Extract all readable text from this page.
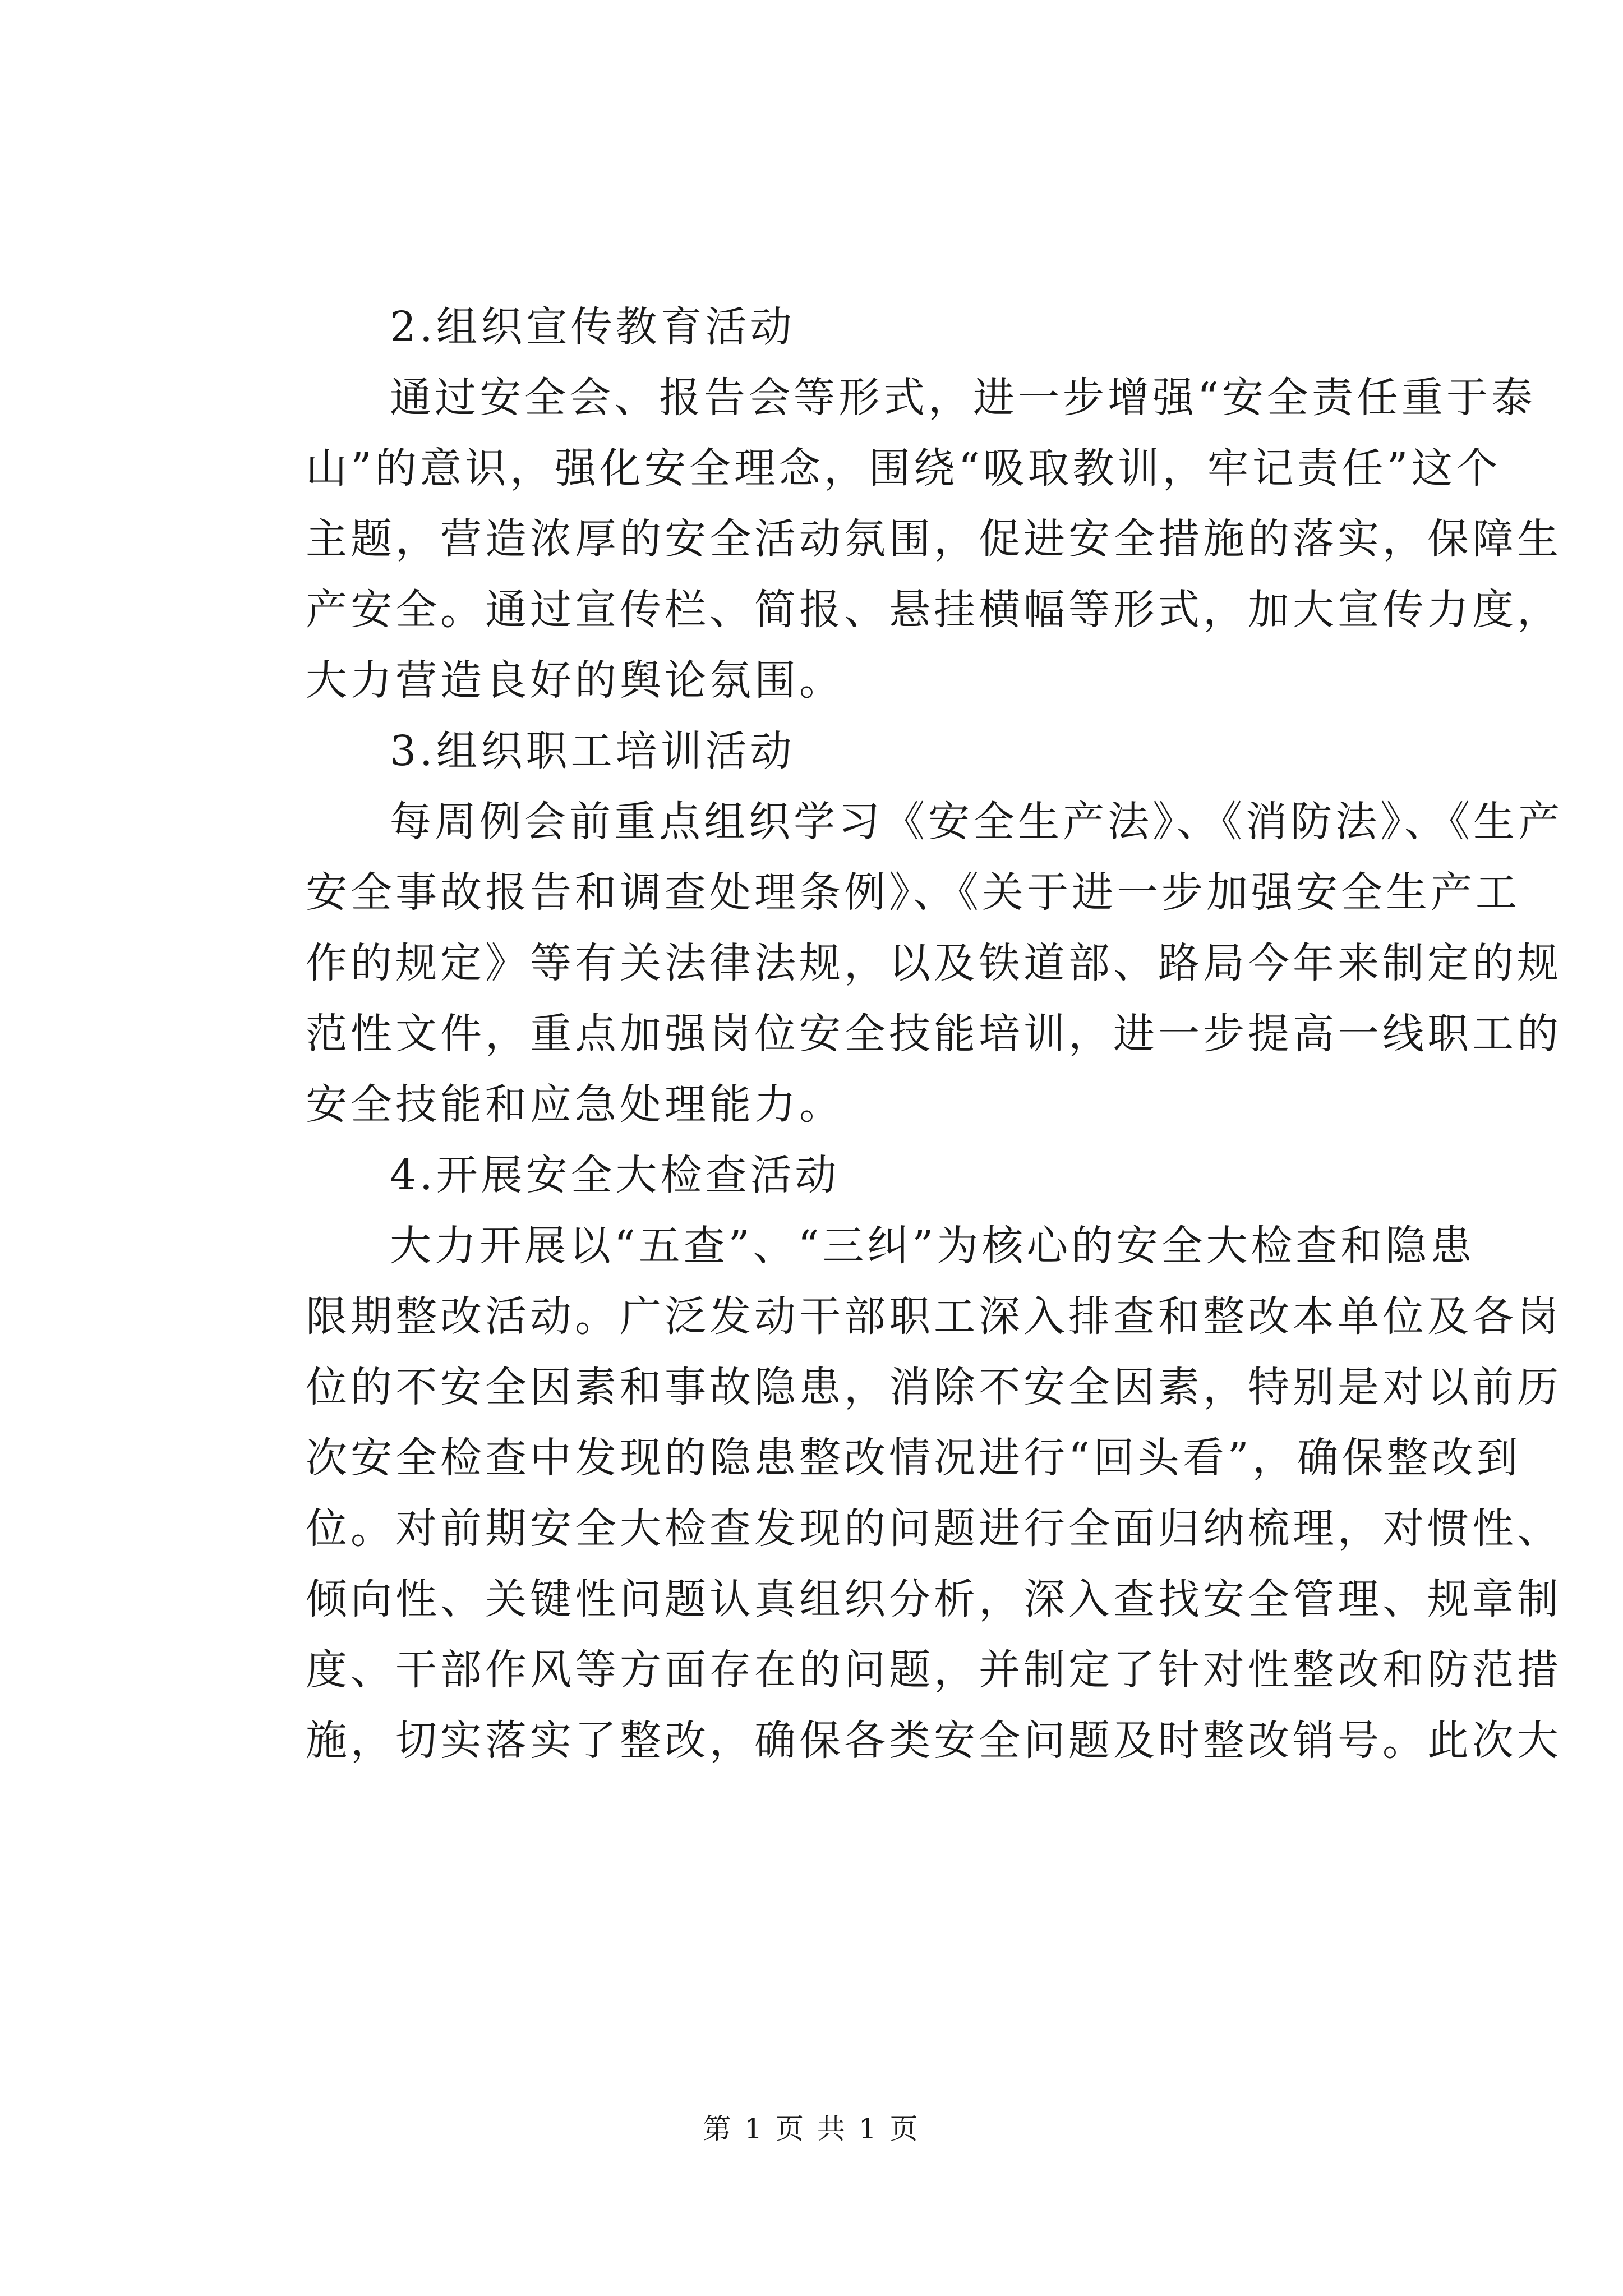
2.组织宣传教育活动
通过安全会、报告会等形式，进一步增强“安全责任重于泰
山”的意识，强化安全理念，围绕“吸取教训，牢记责任”这个
主题，营造浓厚的安全活动氛围，促进安全措施的落实，保障生
产安全。通过宣传栏、简报、悬挂横幅等形式，加大宣传力度，
大力营造良好的舆论氛围。
3.组织职工培训活动
每周例会前重点组织学习《安全生产法》、《消防法》、《生产
安全事故报告和调查处理条例》、《关于进一步加强安全生产工
作的规定》等有关法律法规，以及铁道部、路局今年来制定的规
范性文件，重点加强岗位安全技能培训，进一步提高一线职工的
安全技能和应急处理能力。
4.开展安全大检查活动
大力开展以“五查”、“三纠”为核心的安全大检查和隐患
限期整改活动。广泛发动干部职工深入排查和整改本单位及各岗
位的不安全因素和事故隐患，消除不安全因素，特别是对以前历
次安全检查中发现的隐患整改情况进行“回头看”，确保整改到
位。对前期安全大检查发现的问题进行全面归纳梳理，对惯性、
倾向性、关键性问题认真组织分析，深入查找安全管理、规章制
度、干部作风等方面存在的问题，并制定了针对性整改和防范措
施，切实落实了整改，确保各类安全问题及时整改销号。此次大
第 1 页 共 1 页
